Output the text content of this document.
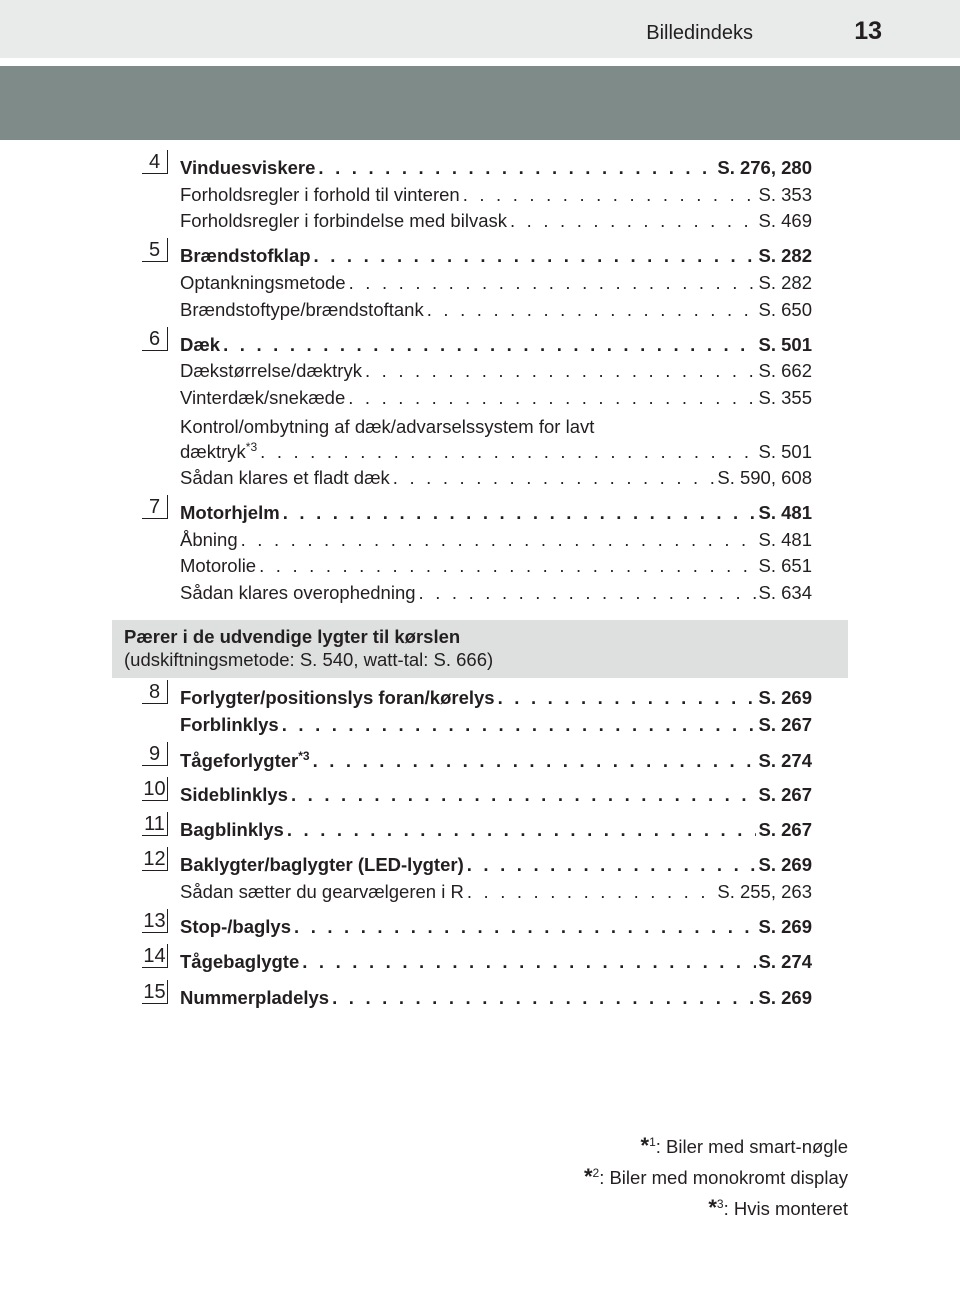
Billedindeks	13
4	Vinduesviskere . . .	S. 276, 280
Forholdsregler i forhold til vinteren . . .	S. 353
Forholdsregler i forbindelse med bilvask . . .	S. 469
5	Brændstofklap . . .	S. 282
Optankningsmetode . . .	S. 282
Brændstoftype/brændstoftank . . .	S. 650
6	Dæk . . .	S. 501
Dækstørrelse/dæktryk . . .	S. 662
Vinterdæk/snekæde . . .	S. 355
Kontrol/ombytning af dæk/advarselssystem for lavt
dæktryk$^{*3}$ . . .	S. 501
Sådan klares et fladt dæk . . .	S. 590, 608
7	Motorhjelm . . .	S. 481
Åbning . . .	S. 481
Motorolie . . .	S. 651
Sådan klares overophedning . . .	S. 634
Pærer i de udvendige lygter til kørslen
(udskiftningsmetode: S. 540, watt-tal: S. 666)
8	Forlygter/positionslys foran/kørelys . . .	S. 269
Forblinklys . . .	S. 267
9	Tågeforlygter$^{*3}$ . . .	S. 274
10 Sideblinklys . . .	S. 267
11 Bagblinklys . . .	S. 267
12 Baklygter/baglygter (LED-lygter) . . .	S. 269
Sådan sætter du gearvælgeren i R . . .	S. 255, 263
13 Stop-/baglys . . .	S. 269
14 Tågebaglygte . . .	S. 274
15 Nummerpladelys . . .	S. 269
*$^1$: Biler med smart-nøgle
*$^2$: Biler med monokromt display
*$^3$: Hvis monteret
